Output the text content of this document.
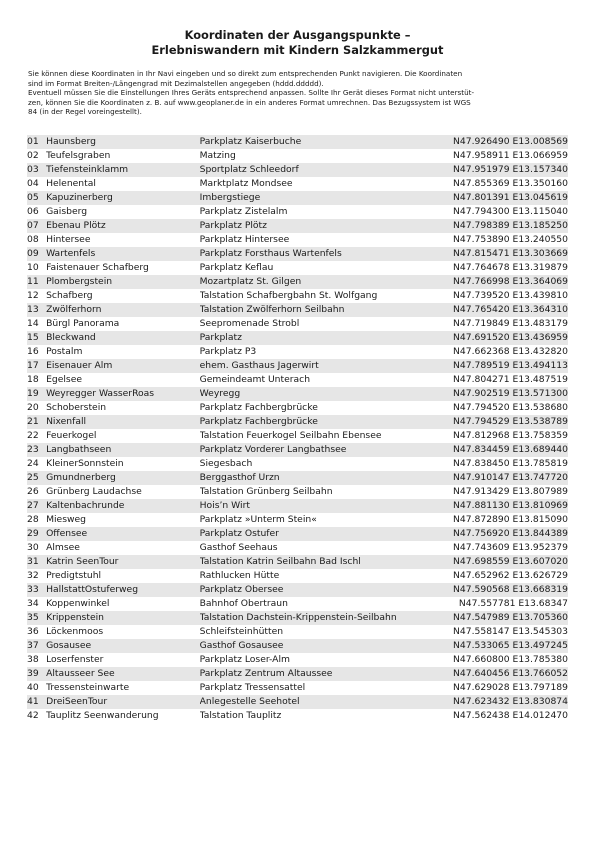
Koordinaten der Ausgangspunkte –
Erlebniswandern mit Kindern Salzkammergut
Sie können diese Koordinaten in Ihr Navi eingeben und so direkt zum entsprechenden Punkt navigieren. Die Koordinaten
sind im Format Breiten-/Längengrad mit Dezimalstellen angegeben (hddd.ddddd).
Eventuell müssen Sie die Einstellungen Ihres Geräts entsprechend anpassen. Sollte Ihr Gerät dieses Format nicht unterstüt-
zen, können Sie die Koordinaten z. B. auf www.geoplaner.de in ein anderes Format umrechnen. Das Bezugssystem ist WGS
84 (in der Regel voreingestellt).
01	Haunsberg	Parkplatz Kaiserbuche	N47.926490 E13.008569
02	Teufelsgraben	Matzing	N47.958911 E13.066959
03	Tiefensteinklamm	Sportplatz Schleedorf	N47.951979 E13.157340
04	Helenental	Marktplatz Mondsee	N47.855369 E13.350160
05	Kapuzinerberg	Imbergstiege	N47.801391 E13.045619
06	Gaisberg	Parkplatz Zistelalm	N47.794300 E13.115040
07	Ebenau Plötz	Parkplatz Plötz	N47.798389 E13.185250
08	Hintersee	Parkplatz Hintersee	N47.753890 E13.240550
09	Wartenfels	Parkplatz Forsthaus Wartenfels	N47.815471 E13.303669
10	Faistenauer Schafberg	Parkplatz Keflau	N47.764678 E13.319879
11	Plombergstein	Mozartplatz St. Gilgen	N47.766998 E13.364069
12	Schafberg	Talstation Schafbergbahn St. Wolfgang	N47.739520 E13.439810
13	Zwölferhorn	Talstation Zwölferhorn Seilbahn	N47.765420 E13.364310
14	Bürgl Panorama	Seepromenade Strobl	N47.719849 E13.483179
15	Bleckwand	Parkplatz	N47.691520 E13.436959
16	Postalm	Parkplatz P3	N47.662368 E13.432820
17	Eisenauer Alm	ehem. Gasthaus Jagerwirt	N47.789519 E13.494113
18	Egelsee	Gemeindeamt Unterach	N47.804271 E13.487519
19	Weyregger WasserRoas	Weyregg	N47.902519 E13.571300
20	Schoberstein	Parkplatz Fachbergbrücke	N47.794520 E13.538680
21	Nixenfall	Parkplatz Fachbergbrücke	N47.794529 E13.538789
22	Feuerkogel	Talstation Feuerkogel Seilbahn Ebensee	N47.812968 E13.758359
23	Langbathseen	Parkplatz Vorderer Langbathsee	N47.834459 E13.689440
24	KleinerSonnstein	Siegesbach	N47.838450 E13.785819
25	Gmundnerberg	Berggasthof Urzn	N47.910147 E13.747720
26	Grünberg Laudachse	Talstation Grünberg Seilbahn	N47.913429 E13.807989
27	Kaltenbachrunde	Hois’n Wirt	N47.881130 E13.810969
28	Miesweg	Parkplatz »Unterm Stein«	N47.872890 E13.815090
29	Offensee	Parkplatz Ostufer	N47.756920 E13.844389
30	Almsee	Gasthof Seehaus	N47.743609 E13.952379
31	Katrin SeenTour	Talstation Katrin Seilbahn Bad Ischl	N47.698559 E13.607020
32	Predigtstuhl	Rathlucken Hütte	N47.652962 E13.626729
33	HallstattOstuferweg	Parkplatz Obersee	N47.590568 E13.668319
34	Koppenwinkel	Bahnhof Obertraun	N47.557781 E13.68347
35	Krippenstein	Talstation Dachstein-Krippenstein-Seilbahn	N47.547989 E13.705360
36	Löckenmoos	Schleifsteinhütten	N47.558147 E13.545303
37	Gosausee	Gasthof Gosausee	N47.533065 E13.497245
38	Loserfenster	Parkplatz Loser-Alm	N47.660800 E13.785380
39	Altausseer See	Parkplatz Zentrum Altaussee	N47.640456 E13.766052
40	Tressensteinwarte	Parkplatz Tressensattel	N47.629028 E13.797189
41	DreiSeenTour	Anlegestelle Seehotel	N47.623432 E13.830874
42	Tauplitz Seenwanderung	Talstation Tauplitz	N47.562438 E14.012470
